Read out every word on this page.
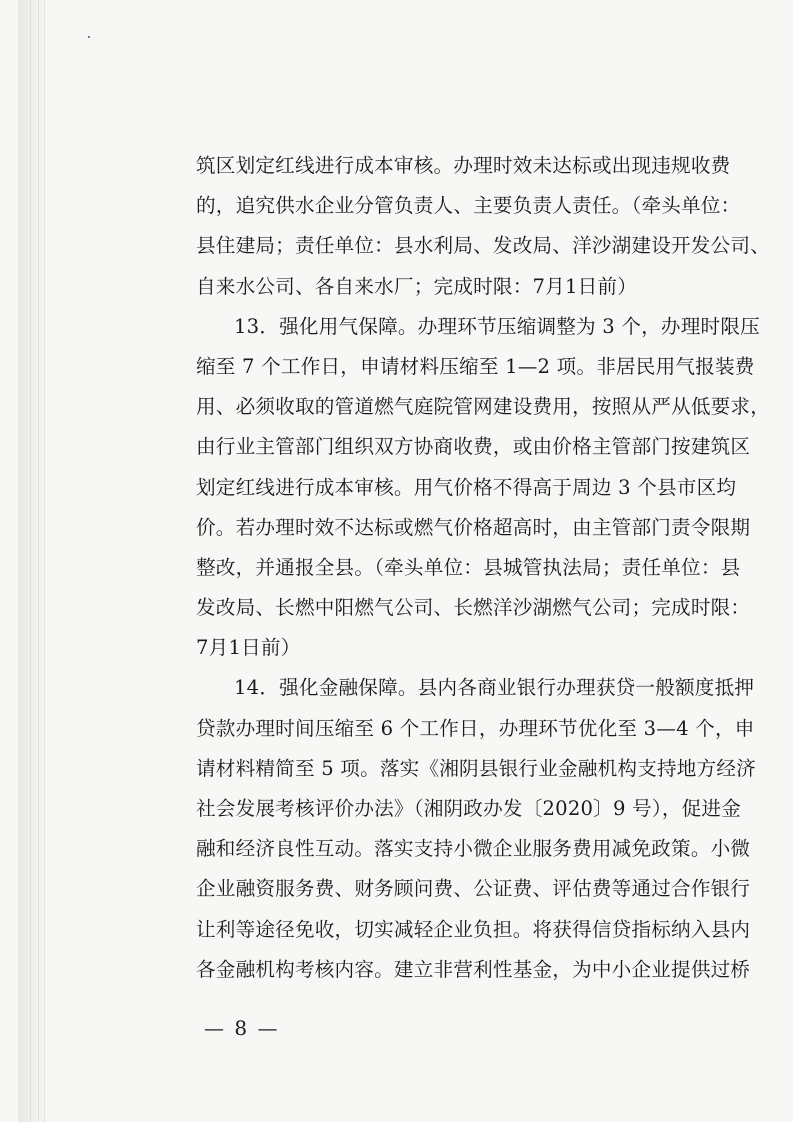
筑区划定红线进行成本审核。办理时效未达标或出现违规收费
的，追究供水企业分管负责人、主要负责人责任。（牵头单位：
县住建局；责任单位：县水利局、发改局、洋沙湖建设开发公司、
自来水公司、各自来水厂；完成时限：7月1日前）
13．强化用气保障。办理环节压缩调整为 3 个，办理时限压
缩至 7 个工作日，申请材料压缩至 1—2 项。非居民用气报装费
用、必须收取的管道燃气庭院管网建设费用，按照从严从低要求，
由行业主管部门组织双方协商收费，或由价格主管部门按建筑区
划定红线进行成本审核。用气价格不得高于周边 3 个县市区均
价。若办理时效不达标或燃气价格超高时，由主管部门责令限期
整改，并通报全县。（牵头单位：县城管执法局；责任单位：县
发改局、长燃中阳燃气公司、长燃洋沙湖燃气公司；完成时限：
7月1日前）
14．强化金融保障。县内各商业银行办理获贷一般额度抵押
贷款办理时间压缩至 6 个工作日，办理环节优化至 3—4 个，申
请材料精简至 5 项。落实《湘阴县银行业金融机构支持地方经济
社会发展考核评价办法》（湘阴政办发〔2020〕9 号），促进金
融和经济良性互动。落实支持小微企业服务费用减免政策。小微
企业融资服务费、财务顾问费、公证费、评估费等通过合作银行
让利等途径免收，切实减轻企业负担。将获得信贷指标纳入县内
各金融机构考核内容。建立非营利性基金，为中小企业提供过桥
— 8 —
